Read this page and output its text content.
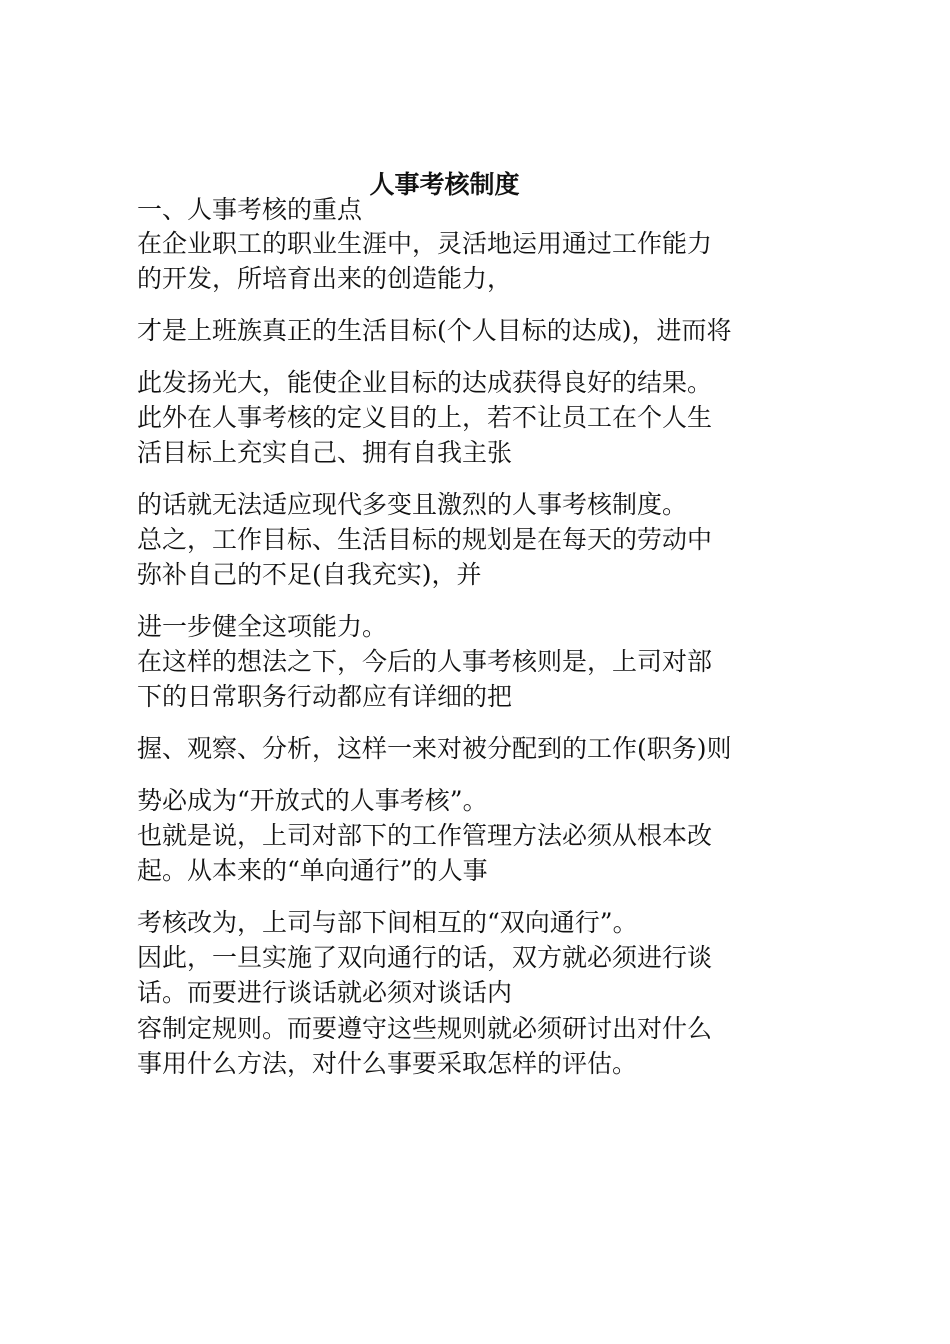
人事考核制度

一、人事考核的重点

在企业职工的职业生涯中，灵活地运用通过工作能力
的开发，所培育出来的创造能力，
才是上班族真正的生活目标(个人目标的达成)，进而将
此发扬光大，能使企业目标的达成获得良好的结果。
此外在人事考核的定义目的上，若不让员工在个人生
活目标上充实自己、拥有自我主张
的话就无法适应现代多变且激烈的人事考核制度。
总之，工作目标、生活目标的规划是在每天的劳动中
弥补自己的不足(自我充实)，并
进一步健全这项能力。
在这样的想法之下，今后的人事考核则是，上司对部
下的日常职务行动都应有详细的把
握、观察、分析，这样一来对被分配到的工作(职务)则
势必成为“开放式的人事考核”。
也就是说，上司对部下的工作管理方法必须从根本改
起。从本来的“单向通行”的人事
考核改为，上司与部下间相互的“双向通行”。
因此，一旦实施了双向通行的话，双方就必须进行谈
话。而要进行谈话就必须对谈话内
容制定规则。而要遵守这些规则就必须研讨出对什么
事用什么方法，对什么事要采取怎样的评估。
